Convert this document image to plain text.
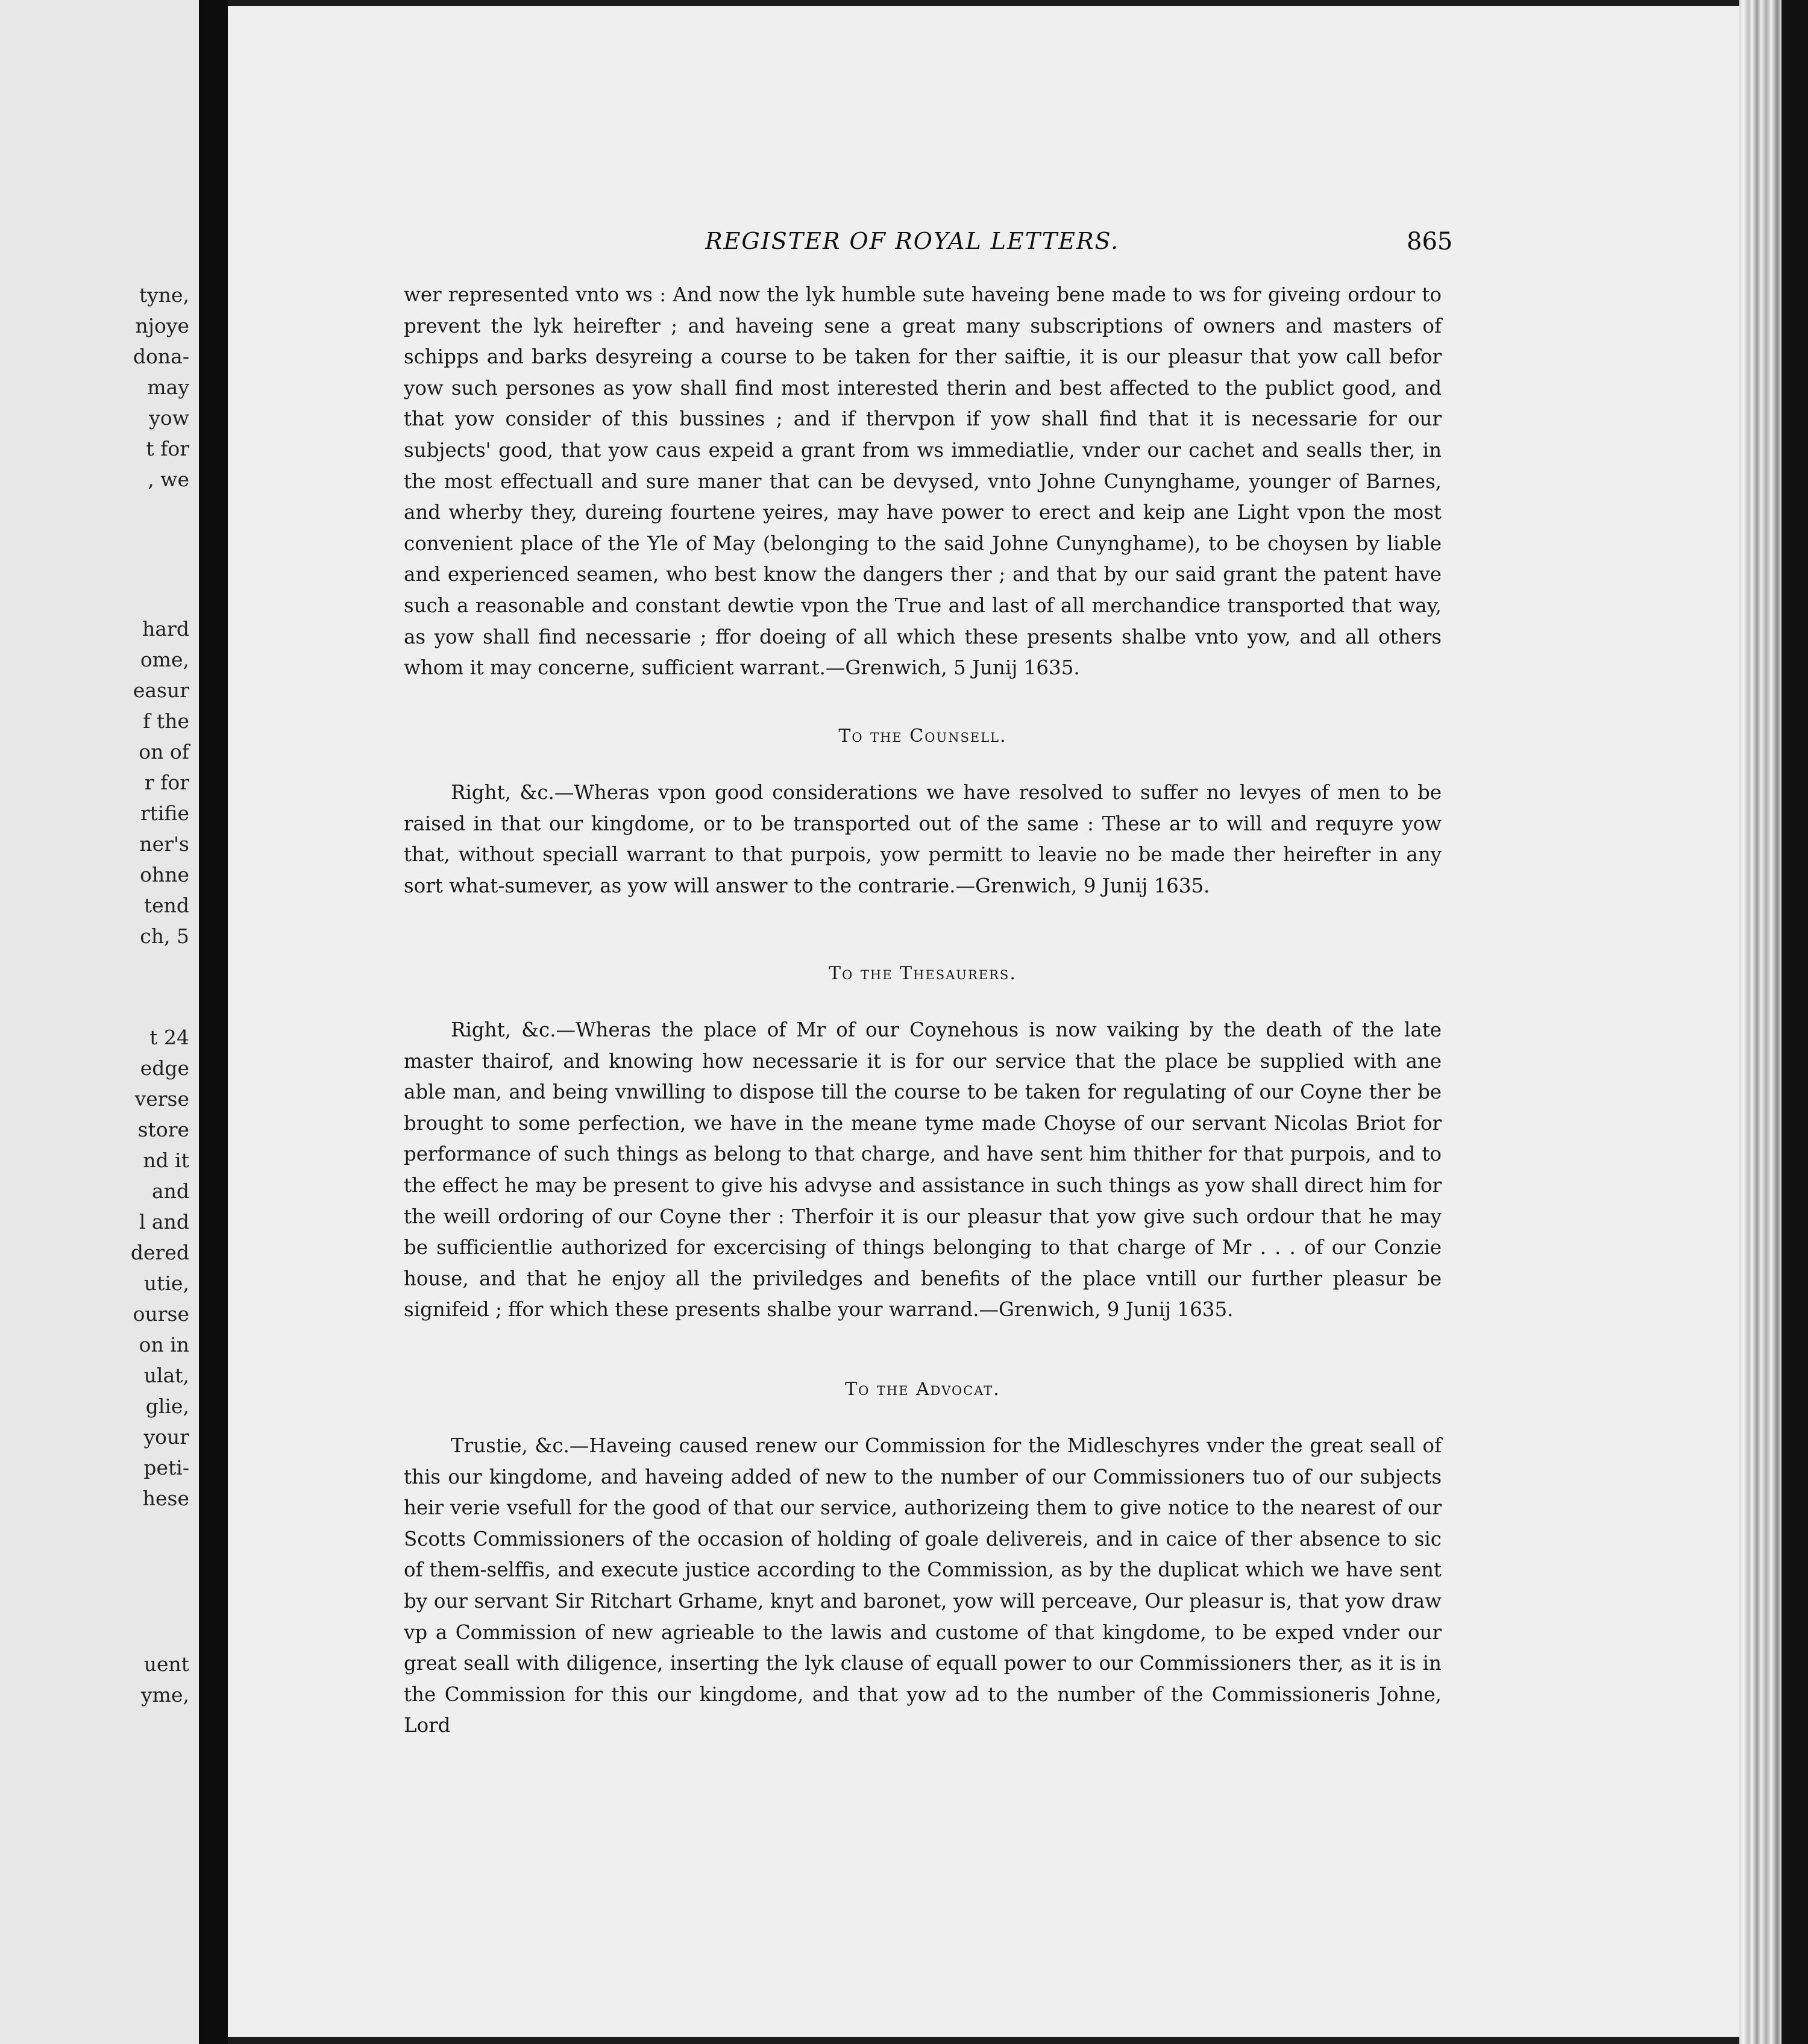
tyne,
njoye
dona-
may
yow
t for
, we
hard
ome,
easur
f the
on of
r for
rtifie
ner's
ohne
tend
ch, 5
t 24
edge
verse
store
nd it
and
l and
dered
utie,
ourse
on in
ulat,
glie,
your
peti-
hese
uent
yme,
REGISTER OF ROYAL LETTERS.	865

wer represented vnto ws : And now the lyk humble sute haveing bene made to ws for giveing ordour to prevent the lyk heirefter ; and haveing sene a great many subscriptions of owners and masters of schipps and barks desyreing a course to be taken for ther saiftie, it is our pleasur that yow call befor yow such persones as yow shall find most interested therin and best affected to the publict good, and that yow consider of this bussines ; and if thervpon if yow shall find that it is necessarie for our subjects' good, that yow caus expeid a grant from ws immediatlie, vnder our cachet and sealls ther, in the most effectuall and sure maner that can be devysed, vnto Johne Cunynghame, younger of Barnes, and wherby they, dureing fourtene yeires, may have power to erect and keip ane Light vpon the most convenient place of the Yle of May (belonging to the said Johne Cunynghame), to be choysen by liable and experienced seamen, who best know the dangers ther ; and that by our said grant the patent have such a reasonable and constant dewtie vpon the True and last of all merchandice transported that way, as yow shall find necessarie ; ffor doeing of all which these presents shalbe vnto yow, and all others whom it may concerne, sufficient warrant.—Grenwich, 5 Junij 1635.

To the Counsell.

Right, &c.—Wheras vpon good considerations we have resolved to suffer no levyes of men to be raised in that our kingdome, or to be transported out of the same : These ar to will and requyre yow that, without speciall warrant to that purpois, yow permitt to leavie no be made ther heirefter in any sort what-sumever, as yow will answer to the contrarie.—Grenwich, 9 Junij 1635.

To the Thesaurers.

Right, &c.—Wheras the place of Mr of our Coynehous is now vaiking by the death of the late master thairof, and knowing how necessarie it is for our service that the place be supplied with ane able man, and being vnwilling to dispose till the course to be taken for regulating of our Coyne ther be brought to some perfection, we have in the meane tyme made Choyse of our servant Nicolas Briot for performance of such things as belong to that charge, and have sent him thither for that purpois, and to the effect he may be present to give his advyse and assistance in such things as yow shall direct him for the weill ordoring of our Coyne ther : Therfoir it is our pleasur that yow give such ordour that he may be sufficientlie authorized for excercising of things belonging to that charge of Mr . . . of our Conzie house, and that he enjoy all the priviledges and benefits of the place vntill our further pleasur be signifeid ; ffor which these presents shalbe your warrand.—Grenwich, 9 Junij 1635.

To the Advocat.

Trustie, &c.—Haveing caused renew our Commission for the Midleschyres vnder the great seall of this our kingdome, and haveing added of new to the number of our Commissioners tuo of our subjects heir verie vsefull for the good of that our service, authorizeing them to give notice to the nearest of our Scotts Commissioners of the occasion of holding of goale delivereis, and in caice of ther absence to sic of them-selffis, and execute justice according to the Commission, as by the duplicat which we have sent by our servant Sir Ritchart Grhame, knyt and baronet, yow will perceave, Our pleasur is, that yow draw vp a Commission of new agrieable to the lawis and custome of that kingdome, to be exped vnder our great seall with diligence, inserting the lyk clause of equall power to our Commissioners ther, as it is in the Commission for this our kingdome, and that yow ad to the number of the Commissioneris Johne, Lord
